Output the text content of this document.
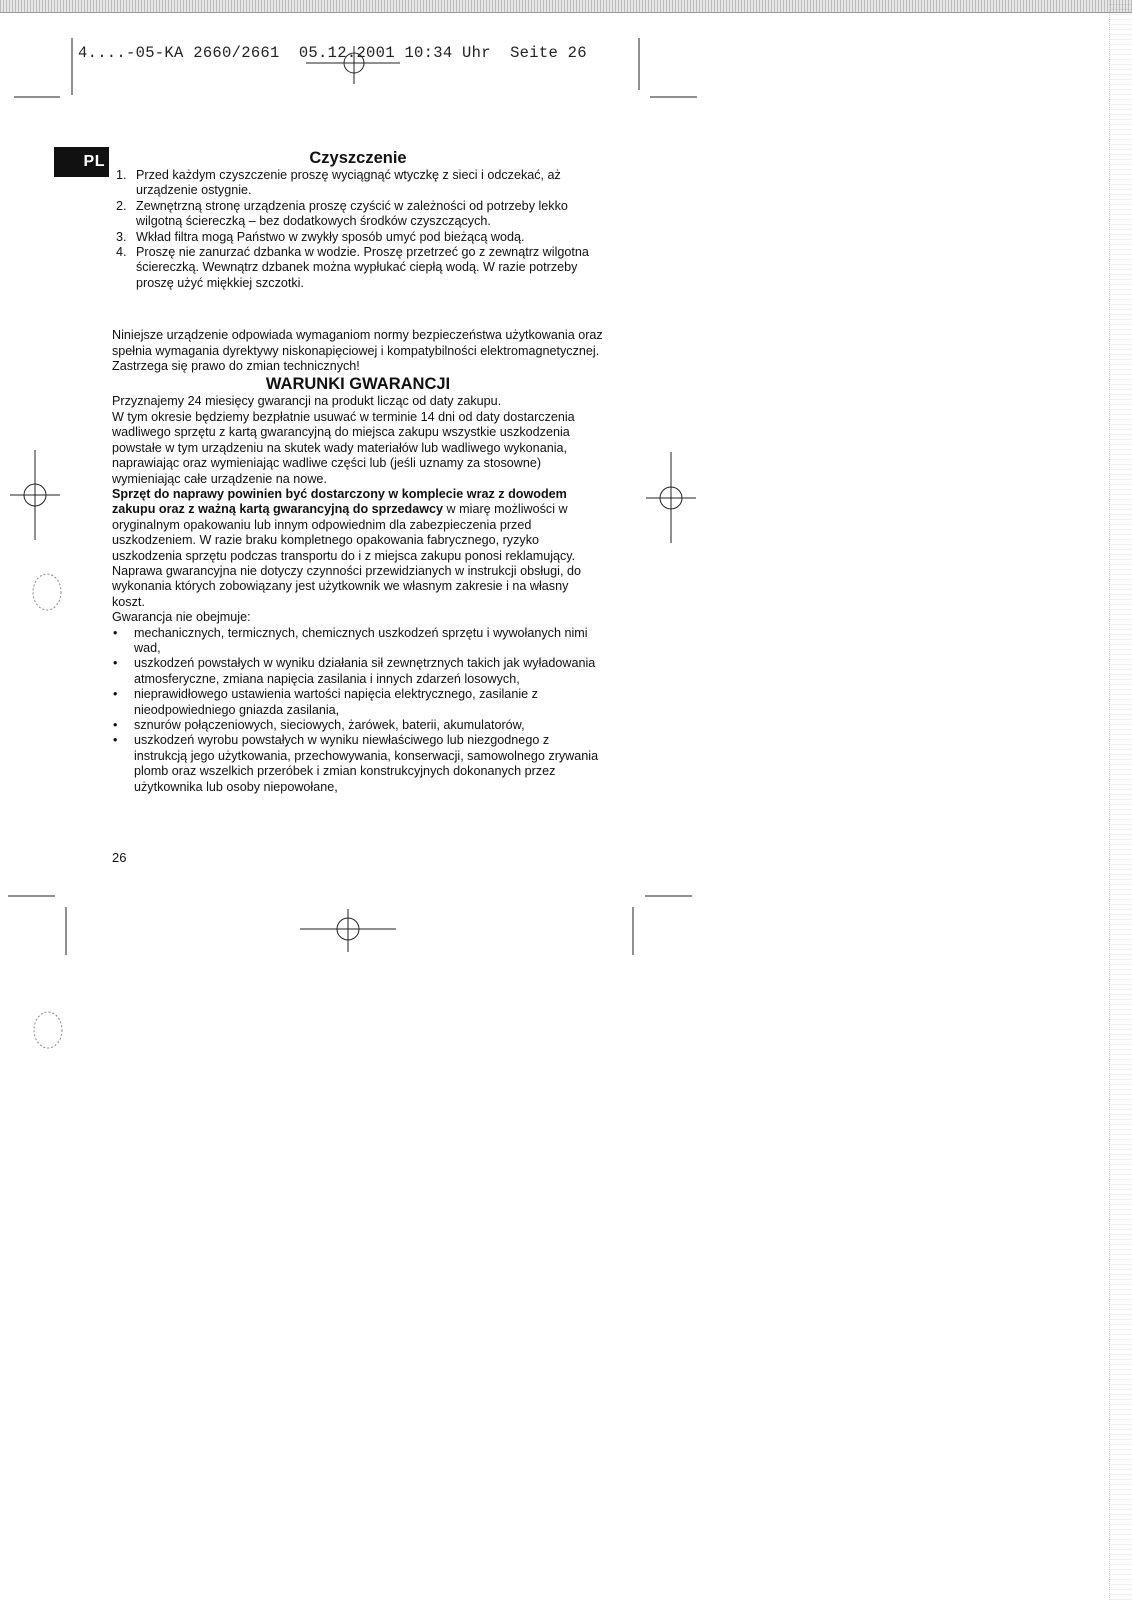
4....-05-KA 2660/2661  05.12.2001 10:34 Uhr  Seite 26
PL	Czyszczenie
1. Przed każdym czyszczenie proszę wyciągnąć wtyczkę z sieci i odczekać, aż urządzenie ostygnie.
2. Zewnętrzną stronę urządzenia proszę czyścić w zależności od potrzeby lekko wilgotną ściereczką – bez dodatkowych środków czyszczących.
3. Wkład filtra mogą Państwo w zwykły sposób umyć pod bieżącą wodą.
4. Proszę nie zanurzać dzbanka w wodzie. Proszę przetrzeć go z zewnątrz wilgotna ściereczką. Wewnątrz dzbanek można wypłukać ciepłą wodą. W razie potrzeby proszę użyć miękkiej szczotki.

Niniejsze urządzenie odpowiada wymaganiom normy bezpieczeństwa użytkowania oraz spełnia wymagania dyrektywy niskonapięciowej i kompatybilności elektromagnetycznej.

Zastrzega się prawo do zmian technicznych!

WARUNKI GWARANCJI

Przyznajemy 24 miesięcy gwarancji na produkt licząc od daty zakupu.

W tym okresie będziemy bezpłatnie usuwać w terminie 14 dni od daty dostarczenia wadliwego sprzętu z kartą gwarancyjną do miejsca zakupu wszystkie uszkodzenia powstałe w tym urządzeniu na skutek wady materiałów lub wadliwego wykonania, naprawiając oraz wymieniając wadliwe części lub (jeśli uznamy za stosowne) wymieniając całe urządzenie na nowe.

Sprzęt do naprawy powinien być dostarczony w komplecie wraz z dowodem zakupu oraz z ważną kartą gwarancyjną do sprzedawcy w miarę możliwości w oryginalnym opakowaniu lub innym odpowiednim dla zabezpieczenia przed uszkodzeniem. W razie braku kompletnego opakowania fabrycznego, ryzyko uszkodzenia sprzętu podczas transportu do i z miejsca zakupu ponosi reklamujący.

Naprawa gwarancyjna nie dotyczy czynności przewidzianych w instrukcji obsługi, do wykonania których zobowiązany jest użytkownik we własnym zakresie i na własny koszt.

Gwarancja nie obejmuje:

• mechanicznych, termicznych, chemicznych uszkodzeń sprzętu i wywołanych nimi wad,
• uszkodzeń powstałych w wyniku działania sił zewnętrznych takich jak wyładowania atmosferyczne, zmiana napięcia zasilania i innych zdarzeń losowych,
• nieprawidłowego ustawienia wartości napięcia elektrycznego, zasilanie z nieodpowiedniego gniazda zasilania,
• sznurów połączeniowych, sieciowych, żarówek, baterii, akumulatorów,
• uszkodzeń wyrobu powstałych w wyniku niewłaściwego lub niezgodnego z instrukcją jego użytkowania, przechowywania, konserwacji, samowolnego zrywania plomb oraz wszelkich przeróbek i zmian konstrukcyjnych dokonanych przez użytkownika lub osoby niepowołane,
26
